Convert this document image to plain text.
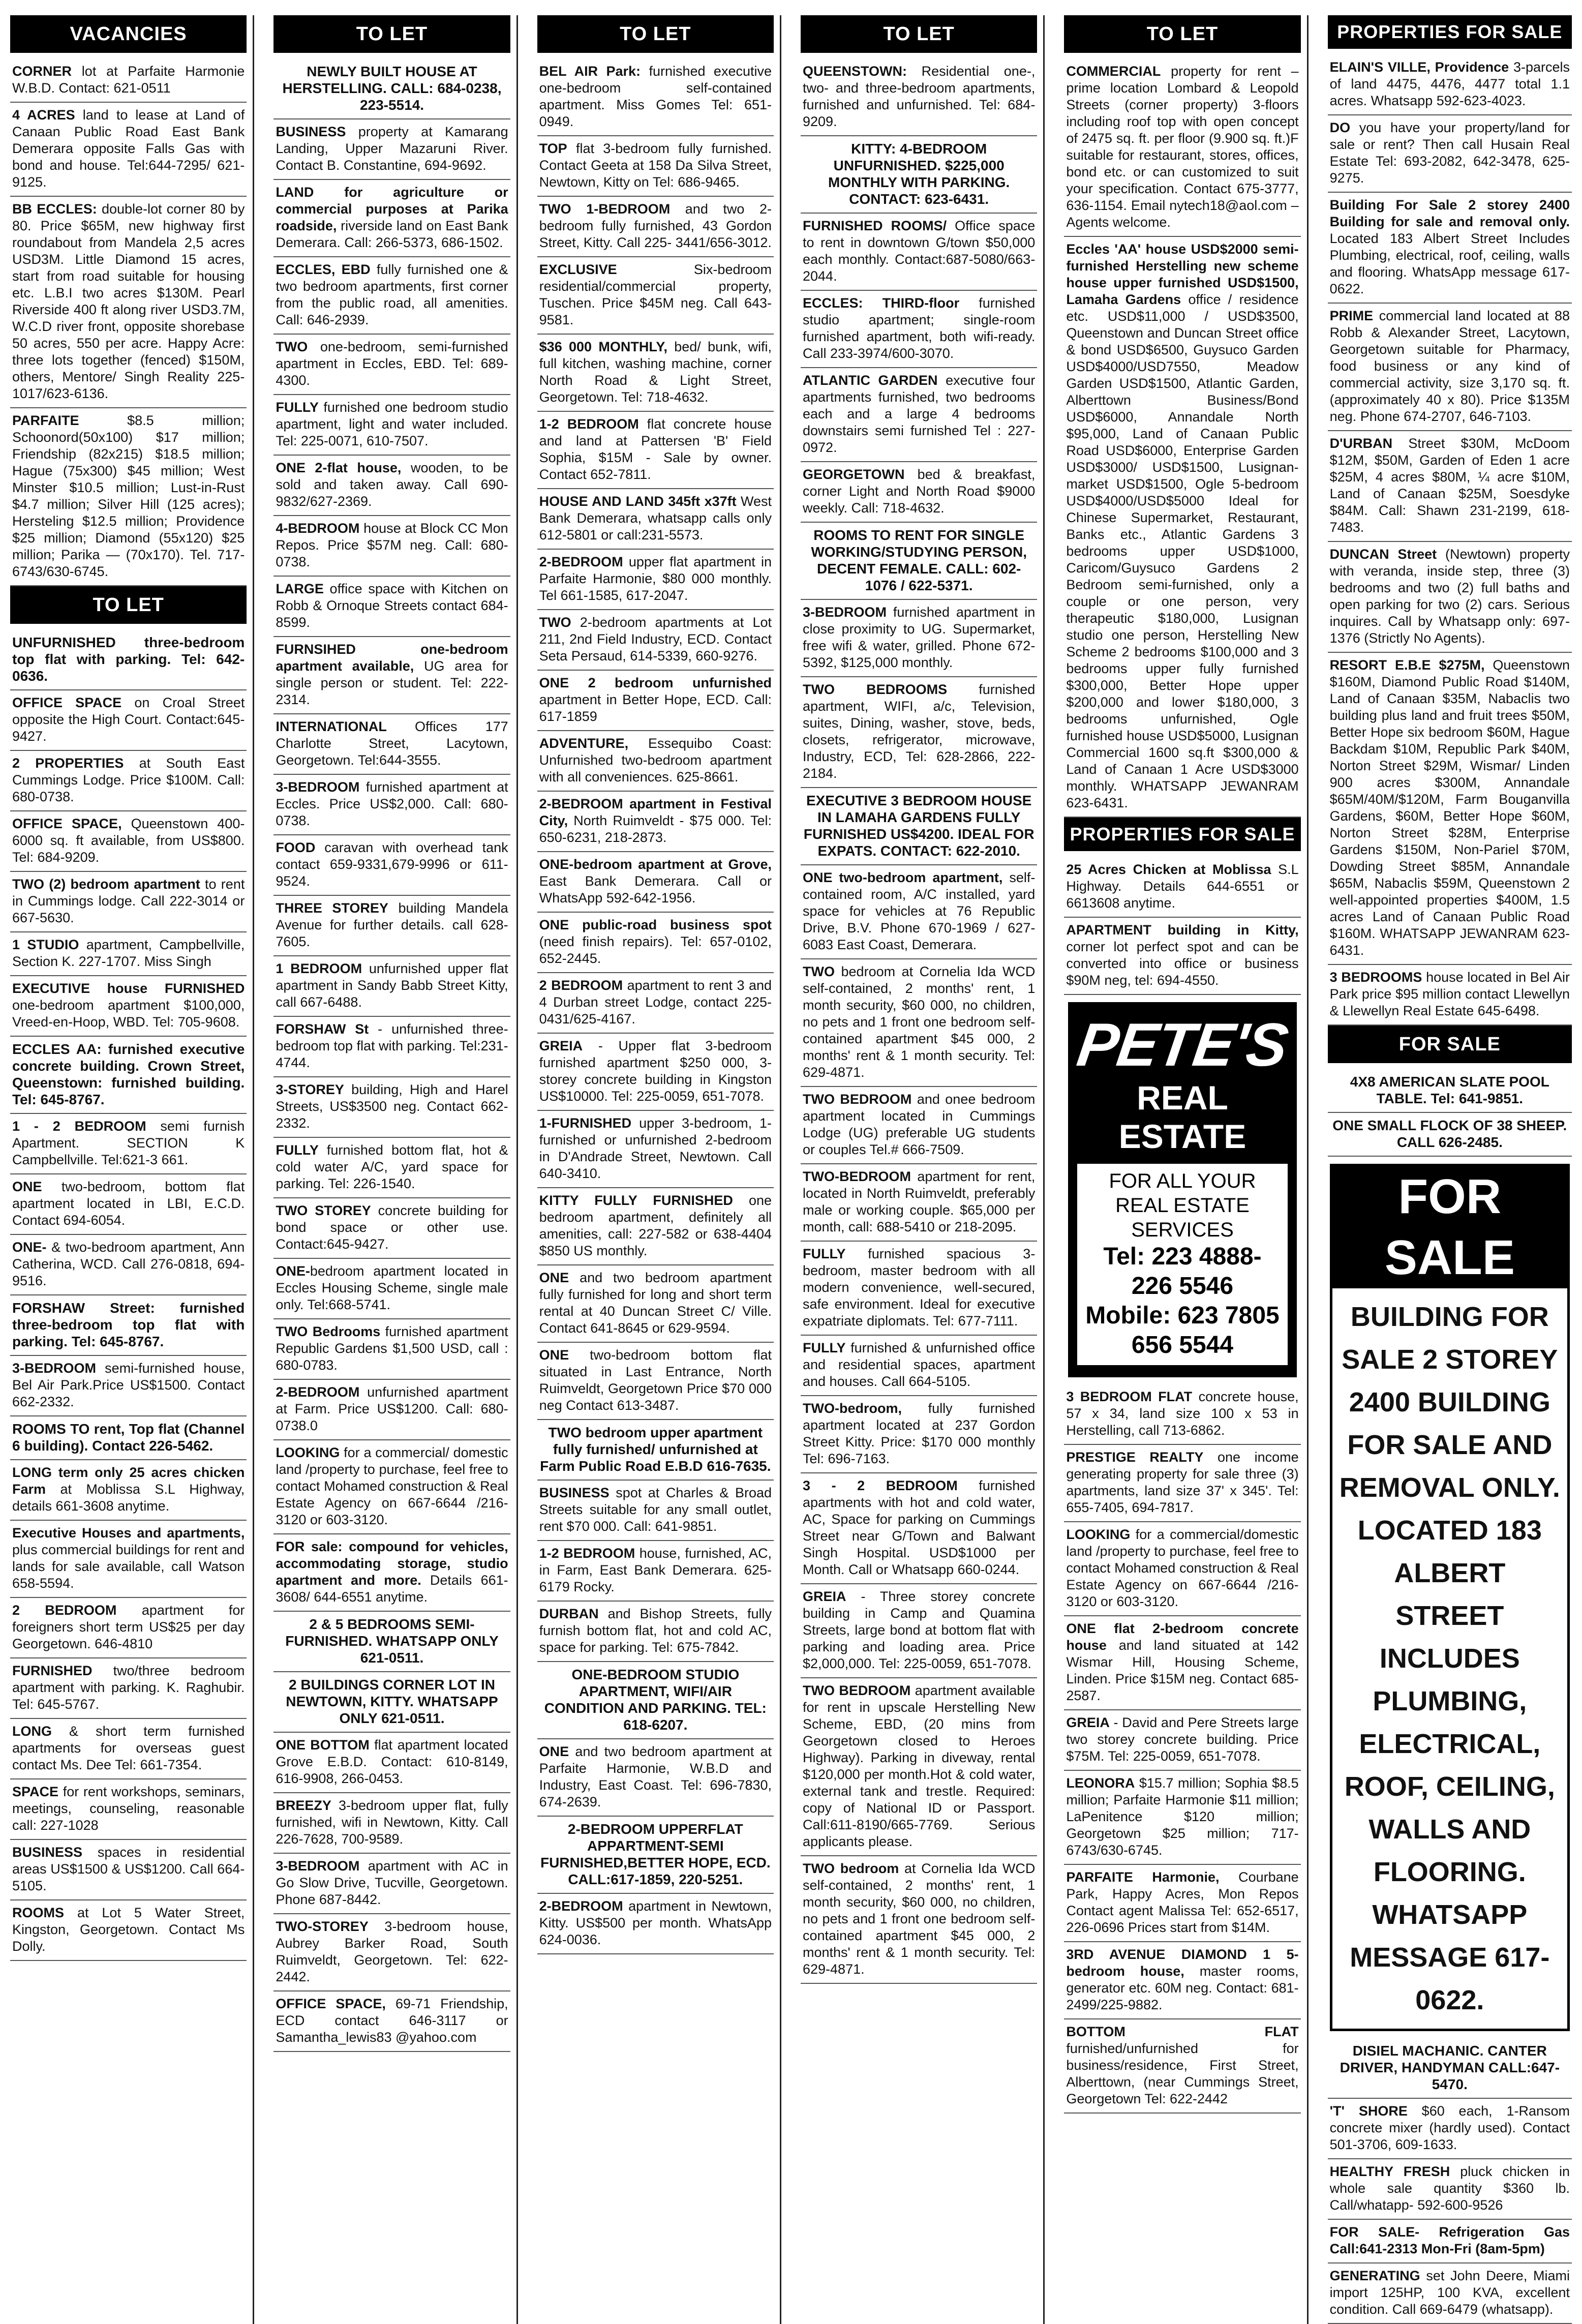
VACANCIES
CORNER lot at Parfaite Harmonie W.B.D. Contact: 621-0511
4 ACRES land to lease at Land of Canaan Public Road East Bank Demerara opposite Falls Gas with bond and house. Tel:644-7295/ 621-9125.
BB ECCLES: double-lot corner 80 by 80. Price $65M, new highway first roundabout from Mandela 2,5 acres USD3M. Little Diamond 15 acres, start from road suitable for housing etc. L.B.I two acres $130M. Pearl Riverside 400 ft along river USD3.7M, W.C.D river front, opposite shorebase 50 acres, 550 per acre. Happy Acre: three lots together (fenced) $150M, others, Mentore/ Singh Reality 225-1017/623-6136.
PARFAITE $8.5 million; Schoonord(50x100) $17 million; Friendship (82x215) $18.5 million; Hague (75x300) $45 million; West Minster $10.5 million; Lust-in-Rust $4.7 million; Silver Hill (125 acres); Hersteling $12.5 million; Providence $25 million; Diamond (55x120) $25 million; Parika — (70x170). Tel. 717-6743/630-6745.
TO LET
UNFURNISHED three-bedroom top flat with parking. Tel: 642-0636.
OFFICE SPACE on Croal Street opposite the High Court. Contact:645-9427.
2 PROPERTIES at South East Cummings Lodge. Price $100M. Call: 680-0738.
OFFICE SPACE, Queenstown 400-6000 sq. ft available, from US$800. Tel: 684-9209.
TWO (2) bedroom apartment to rent in Cummings lodge. Call 222-3014 or 667-5630.
1 STUDIO apartment, Campbellville, Section K. 227-1707. Miss Singh
EXECUTIVE house FURNISHED one-bedroom apartment $100,000, Vreed-en-Hoop, WBD. Tel: 705-9608.
ECCLES AA: furnished executive concrete building. Crown Street, Queenstown: furnished building. Tel: 645-8767.
1 - 2 BEDROOM semi furnish Apartment. SECTION K Campbellville. Tel:621-3 661.
ONE two-bedroom, bottom flat apartment located in LBI, E.C.D. Contact 694-6054.
ONE- & two-bedroom apartment, Ann Catherina, WCD. Call 276-0818, 694-9516.
FORSHAW Street: furnished three-bedroom top flat with parking. Tel: 645-8767.
3-BEDROOM semi-furnished house, Bel Air Park.Price US$1500. Contact 662-2332.
ROOMS TO rent, Top flat (Channel 6 building). Contact 226-5462.
LONG term only 25 acres chicken Farm at Moblissa S.L Highway, details 661-3608 anytime.
Executive Houses and apartments, plus commercial buildings for rent and lands for sale available, call Watson 658-5594.
2 BEDROOM apartment for foreigners short term US$25 per day Georgetown. 646-4810
FURNISHED two/three bedroom apartment with parking. K. Raghubir. Tel: 645-5767.
LONG & short term furnished apartments for overseas guest contact Ms. Dee Tel: 661-7354.
SPACE for rent workshops, seminars, meetings, counseling, reasonable call: 227-1028
BUSINESS spaces in residential areas US$1500 & US$1200. Call 664-5105.
ROOMS at Lot 5 Water Street, Kingston, Georgetown. Contact Ms Dolly.
TO LET
NEWLY BUILT HOUSE AT HERSTELLING. CALL: 684-0238, 223-5514.
BUSINESS property at Kamarang Landing, Upper Mazaruni River. Contact B. Constantine, 694-9692.
LAND for agriculture or commercial purposes at Parika roadside, riverside land on East Bank Demerara. Call: 266-5373, 686-1502.
ECCLES, EBD fully furnished one & two bedroom apartments, first corner from the public road, all amenities. Call: 646-2939.
TWO one-bedroom, semi-furnished apartment in Eccles, EBD. Tel: 689-4300.
FULLY furnished one bedroom studio apartment, light and water included. Tel: 225-0071, 610-7507.
ONE 2-flat house, wooden, to be sold and taken away. Call 690-9832/627-2369.
4-BEDROOM house at Block CC Mon Repos. Price $57M neg. Call: 680-0738.
LARGE office space with Kitchen on Robb & Ornoque Streets contact 684-8599.
FURNSIHED one-bedroom apartment available, UG area for single person or student. Tel: 222-2314.
INTERNATIONAL Offices 177 Charlotte Street, Lacytown, Georgetown. Tel:644-3555.
3-BEDROOM furnished apartment at Eccles. Price US$2,000. Call: 680-0738.
FOOD caravan with overhead tank contact 659-9331,679-9996 or 611-9524.
THREE STOREY building Mandela Avenue for further details. call 628-7605.
1 BEDROOM unfurnished upper flat apartment in Sandy Babb Street Kitty, call 667-6488.
FORSHAW St - unfurnished three-bedroom top flat with parking. Tel:231-4744.
3-STOREY building, High and Harel Streets, US$3500 neg. Contact 662-2332.
FULLY furnished bottom flat, hot & cold water A/C, yard space for parking. Tel: 226-1540.
TWO STOREY concrete building for bond space or other use. Contact:645-9427.
ONE-bedroom apartment located in Eccles Housing Scheme, single male only. Tel:668-5741.
TWO Bedrooms furnished apartment Republic Gardens $1,500 USD, call : 680-0783.
2-BEDROOM unfurnished apartment at Farm. Price US$1200. Call: 680-0738.0
LOOKING for a commercial/ domestic land /property to purchase, feel free to contact Mohamed construction & Real Estate Agency on 667-6644 /216-3120 or 603-3120.
FOR sale: compound for vehicles, accommodating storage, studio apartment and more. Details 661-3608/ 644-6551 anytime.
2 & 5 BEDROOMS SEMI-FURNISHED. WHATSAPP ONLY 621-0511.
2 BUILDINGS CORNER LOT IN NEWTOWN, KITTY. WHATSAPP ONLY 621-0511.
ONE BOTTOM flat apartment located Grove E.B.D. Contact: 610-8149, 616-9908, 266-0453.
BREEZY 3-bedroom upper flat, fully furnished, wifi in Newtown, Kitty. Call 226-7628, 700-9589.
3-BEDROOM apartment with AC in Go Slow Drive, Tucville, Georgetown. Phone 687-8442.
TWO-STOREY 3-bedroom house, Aubrey Barker Road, South Ruimveldt, Georgetown. Tel: 622-2442.
OFFICE SPACE, 69-71 Friendship, ECD contact 646-3117 or Samantha_lewis83 @yahoo.com
TO LET
BEL AIR Park: furnished executive one-bedroom self-contained apartment. Miss Gomes Tel: 651-0949.
TOP flat 3-bedroom fully furnished. Contact Geeta at 158 Da Silva Street, Newtown, Kitty on Tel: 686-9465.
TWO 1-BEDROOM and two 2-bedroom fully furnished, 43 Gordon Street, Kitty. Call 225- 3441/656-3012.
EXCLUSIVE Six-bedroom residential/commercial property, Tuschen. Price $45M neg. Call 643-9581.
$36 000 MONTHLY, bed/ bunk, wifi, full kitchen, washing machine, corner North Road & Light Street, Georgetown. Tel: 718-4632.
1-2 BEDROOM flat concrete house and land at Pattersen 'B' Field Sophia, $15M - Sale by owner. Contact 652-7811.
HOUSE AND LAND 345ft x37ft West Bank Demerara, whatsapp calls only 612-5801 or call:231-5573.
2-BEDROOM upper flat apartment in Parfaite Harmonie, $80 000 monthly. Tel 661-1585, 617-2047.
TWO 2-bedroom apartments at Lot 211, 2nd Field Industry, ECD. Contact Seta Persaud, 614-5339, 660-9276.
ONE 2 bedroom unfurnished apartment in Better Hope, ECD. Call: 617-1859
ADVENTURE, Essequibo Coast: Unfurnished two-bedroom apartment with all conveniences. 625-8661.
2-BEDROOM apartment in Festival City, North Ruimveldt - $75 000. Tel: 650-6231, 218-2873.
ONE-bedroom apartment at Grove, East Bank Demerara. Call or WhatsApp 592-642-1956.
ONE public-road business spot (need finish repairs). Tel: 657-0102, 652-2445.
2 BEDROOM apartment to rent 3 and 4 Durban street Lodge, contact 225-0431/625-4167.
GREIA - Upper flat 3-bedroom furnished apartment $250 000, 3-storey concrete building in Kingston US$10000. Tel: 225-0059, 651-7078.
1-FURNISHED upper 3-bedroom, 1-furnished or unfurnished 2-bedroom in D'Andrade Street, Newtown. Call 640-3410.
KITTY FULLY FURNISHED one bedroom apartment, definitely all amenities, call: 227-582 or 638-4404 $850 US monthly.
ONE and two bedroom apartment fully furnished for long and short term rental at 40 Duncan Street C/ Ville. Contact 641-8645 or 629-9594.
ONE two-bedroom bottom flat situated in Last Entrance, North Ruimveldt, Georgetown Price $70 000 neg Contact 613-3487.
TWO bedroom upper apartment fully furnished/ unfurnished at Farm Public Road E.B.D 616-7635.
BUSINESS spot at Charles & Broad Streets suitable for any small outlet, rent $70 000. Call: 641-9851.
1-2 BEDROOM house, furnished, AC, in Farm, East Bank Demerara. 625-6179 Rocky.
DURBAN and Bishop Streets, fully furnish bottom flat, hot and cold AC, space for parking. Tel: 675-7842.
ONE-BEDROOM STUDIO APARTMENT, WIFI/AIR CONDITION AND PARKING. TEL: 618-6207.
ONE and two bedroom apartment at Parfaite Harmonie, W.B.D and Industry, East Coast. Tel: 696-7830, 674-2639.
2-BEDROOM UPPERFLAT APPARTMENT-SEMI FURNISHED,BETTER HOPE, ECD. CALL:617-1859, 220-5251.
2-BEDROOM apartment in Newtown, Kitty. US$500 per month. WhatsApp 624-0036.
TO LET
QUEENSTOWN: Residential one-, two- and three-bedroom apartments, furnished and unfurnished. Tel: 684-9209.
KITTY: 4-BEDROOM UNFURNISHED. $225,000 MONTHLY WITH PARKING. CONTACT: 623-6431.
FURNISHED ROOMS/ Office space to rent in downtown G/town $50,000 each monthly. Contact:687-5080/663-2044.
ECCLES: THIRD-floor furnished studio apartment; single-room furnished apartment, both wifi-ready. Call 233-3974/600-3070.
ATLANTIC GARDEN executive four apartments furnished, two bedrooms each and a large 4 bedrooms downstairs semi furnished Tel : 227-0972.
GEORGETOWN bed & breakfast, corner Light and North Road $9000 weekly. Call: 718-4632.
ROOMS TO RENT FOR SINGLE WORKING/STUDYING PERSON, DECENT FEMALE. CALL: 602-1076 / 622-5371.
3-BEDROOM furnished apartment in close proximity to UG. Supermarket, free wifi & water, grilled. Phone 672-5392, $125,000 monthly.
TWO BEDROOMS furnished apartment, WIFI, a/c, Television, suites, Dining, washer, stove, beds, closets, refrigerator, microwave, Industry, ECD, Tel: 628-2866, 222-2184.
EXECUTIVE 3 BEDROOM HOUSE IN LAMAHA GARDENS FULLY FURNISHED US$4200. IDEAL FOR EXPATS. CONTACT: 622-2010.
ONE two-bedroom apartment, self-contained room, A/C installed, yard space for vehicles at 76 Republic Drive, B.V. Phone 670-1969 / 627-6083 East Coast, Demerara.
TWO bedroom at Cornelia Ida WCD self-contained, 2 months' rent, 1 month security, $60 000, no children, no pets and 1 front one bedroom self-contained apartment $45 000, 2 months' rent & 1 month security. Tel: 629-4871.
TWO BEDROOM and onee bedroom apartment located in Cummings Lodge (UG) preferable UG students or couples Tel.# 666-7509.
TWO-BEDROOM apartment for rent, located in North Ruimveldt, preferably male or working couple. $65,000 per month, call: 688-5410 or 218-2095.
FULLY furnished spacious 3-bedroom, master bedroom with all modern convenience, well-secured, safe environment. Ideal for executive expatriate diplomats. Tel: 677-7111.
FULLY furnished & unfurnished office and residential spaces, apartment and houses. Call 664-5105.
TWO-bedroom, fully furnished apartment located at 237 Gordon Street Kitty. Price: $170 000 monthly Tel: 696-7163.
3 - 2 BEDROOM furnished apartments with hot and cold water, AC, Space for parking on Cummings Street near G/Town and Balwant Singh Hospital. USD$1000 per Month. Call or Whatsapp 660-0244.
GREIA - Three storey concrete building in Camp and Quamina Streets, large bond at bottom flat with parking and loading area. Price $2,000,000. Tel: 225-0059, 651-7078.
TWO BEDROOM apartment available for rent in upscale Herstelling New Scheme, EBD, (20 mins from Georgetown closed to Heroes Highway). Parking in diveway, rental $120,000 per month.Hot & cold water, external tank and trestle. Required: copy of National ID or Passport. Call:611-8190/665-7769. Serious applicants please.
TWO bedroom at Cornelia Ida WCD self-contained, 2 months' rent, 1 month security, $60 000, no children, no pets and 1 front one bedroom self-contained apartment $45 000, 2 months' rent & 1 month security. Tel: 629-4871.
TO LET
COMMERCIAL property for rent – prime location Lombard & Leopold Streets (corner property) 3-floors including roof top with open concept of 2475 sq. ft. per floor (9.900 sq. ft.)F suitable for restaurant, stores, offices, bond etc. or can customized to suit your specification. Contact 675-3777, 636-1154. Email nytech18@aol.com – Agents welcome.
Eccles 'AA' house USD$2000 semi- furnished Herstelling new scheme house upper furnished USD$1500, Lamaha Gardens office / residence etc. USD$11,000 / USD$3500, Queenstown and Duncan Street office & bond USD$6500, Guysuco Garden USD$4000/USD7550, Meadow Garden USD$1500, Atlantic Garden, Alberttown Business/Bond USD$6000, Annandale North $95,000, Land of Canaan Public Road USD$6000, Enterprise Garden USD$3000/ USD$1500, Lusignan-market USD$1500, Ogle 5-bedroom USD$4000/USD$5000 Ideal for Chinese Supermarket, Restaurant, Banks etc., Atlantic Gardens 3 bedrooms upper USD$1000, Caricom/Guysuco Gardens 2 Bedroom semi-furnished, only a couple or one person, very therapeutic $180,000, Lusignan studio one person, Herstelling New Scheme 2 bedrooms $100,000 and 3 bedrooms upper fully furnished $300,000, Better Hope upper $200,000 and lower $180,000, 3 bedrooms unfurnished, Ogle furnished house USD$5000, Lusignan Commercial 1600 sq.ft $300,000 & Land of Canaan 1 Acre USD$3000 monthly. WHATSAPP JEWANRAM 623-6431.
PROPERTIES FOR SALE
25 Acres Chicken at Moblissa S.L Highway. Details 644-6551 or 6613608 anytime.
APARTMENT building in Kitty, corner lot perfect spot and can be converted into office or business $90M neg, tel: 694-4550.
PETE'S
REAL ESTATE
FOR ALL YOUR REAL ESTATE SERVICES
Tel: 223 4888- 226 5546
Mobile: 623 7805 656 5544
3 BEDROOM FLAT concrete house, 57 x 34, land size 100 x 53 in Herstelling, call 713-6862.
PRESTIGE REALTY one income generating property for sale three (3) apartments, land size 37' x 345'. Tel: 655-7405, 694-7817.
LOOKING for a commercial/domestic land /property to purchase, feel free to contact Mohamed construction & Real Estate Agency on 667-6644 /216-3120 or 603-3120.
ONE flat 2-bedroom concrete house and land situated at 142 Wismar Hill, Housing Scheme, Linden. Price $15M neg. Contact 685-2587.
GREIA - David and Pere Streets large two storey concrete building. Price $75M. Tel: 225-0059, 651-7078.
LEONORA $15.7 million; Sophia $8.5 million; Parfaite Harmonie $11 million; LaPenitence $120 million; Georgetown $25 million; 717-6743/630-6745.
PARFAITE Harmonie, Courbane Park, Happy Acres, Mon Repos Contact agent Malissa Tel: 652-6517, 226-0696 Prices start from $14M.
3RD AVENUE DIAMOND 1 5-bedroom house, master rooms, generator etc. 60M neg. Contact: 681-2499/225-9882.
BOTTOM FLAT furnished/unfurnished for business/residence, First Street, Alberttown, (near Cummings Street, Georgetown Tel: 622-2442
PROPERTIES FOR SALE
ELAIN'S VILLE, Providence 3-parcels of land 4475, 4476, 4477 total 1.1 acres. Whatsapp 592-623-4023.
DO you have your property/land for sale or rent? Then call Husain Real Estate Tel: 693-2082, 642-3478, 625-9275.
Building For Sale 2 storey 2400 Building for sale and removal only. Located 183 Albert Street Includes Plumbing, electrical, roof, ceiling, walls and flooring. WhatsApp message 617-0622.
PRIME commercial land located at 88 Robb & Alexander Street, Lacytown, Georgetown suitable for Pharmacy, food business or any kind of commercial activity, size 3,170 sq. ft. (approximately 40 x 80). Price $135M neg. Phone 674-2707, 646-7103.
D'URBAN Street $30M, McDoom $12M, $50M, Garden of Eden 1 acre $25M, 4 acres $80M, ¼ acre $10M, Land of Canaan $25M, Soesdyke $84M. Call: Shawn 231-2199, 618-7483.
DUNCAN Street (Newtown) property with veranda, inside step, three (3) bedrooms and two (2) full baths and open parking for two (2) cars. Serious inquires. Call by Whatsapp only: 697-1376 (Strictly No Agents).
RESORT E.B.E $275M, Queenstown $160M, Diamond Public Road $140M, Land of Canaan $35M, Nabaclis two building plus land and fruit trees $50M, Better Hope six bedroom $60M, Hague Backdam $10M, Republic Park $40M, Norton Street $29M, Wismar/ Linden 900 acres $300M, Annandale $65M/40M/$120M, Farm Bouganvilla Gardens, $60M, Better Hope $60M, Norton Street $28M, Enterprise Gardens $150M, Non-Pariel $70M, Dowding Street $85M, Annandale $65M, Nabaclis $59M, Queenstown 2 well-appointed properties $400M, 1.5 acres Land of Canaan Public Road $160M. WHATSAPP JEWANRAM 623-6431.
3 BEDROOMS house located in Bel Air Park price $95 million contact Llewellyn & Llewellyn Real Estate 645-6498.
FOR SALE
4X8 AMERICAN SLATE POOL TABLE. Tel: 641-9851.
ONE SMALL FLOCK OF 38 SHEEP. CALL 626-2485.
FOR SALE
BUILDING FOR SALE 2 STOREY 2400 BUILDING FOR SALE AND REMOVAL ONLY. LOCATED 183 ALBERT STREET INCLUDES PLUMBING, ELECTRICAL, ROOF, CEILING, WALLS AND FLOORING. WHATSAPP MESSAGE 617-0622.
DISIEL MACHANIC. CANTER DRIVER, HANDYMAN CALL:647-5470.
'T' SHORE $60 each, 1-Ransom concrete mixer (hardly used). Contact 501-3706, 609-1633.
HEALTHY FRESH pluck chicken in whole sale quantity $360 lb. Call/whatapp- 592-600-9526
FOR SALE- Refrigeration Gas Call:641-2313 Mon-Fri (8am-5pm)
GENERATING set John Deere, Miami import 125HP, 100 KVA, excellent condition. Call 669-6479 (whatsapp).
